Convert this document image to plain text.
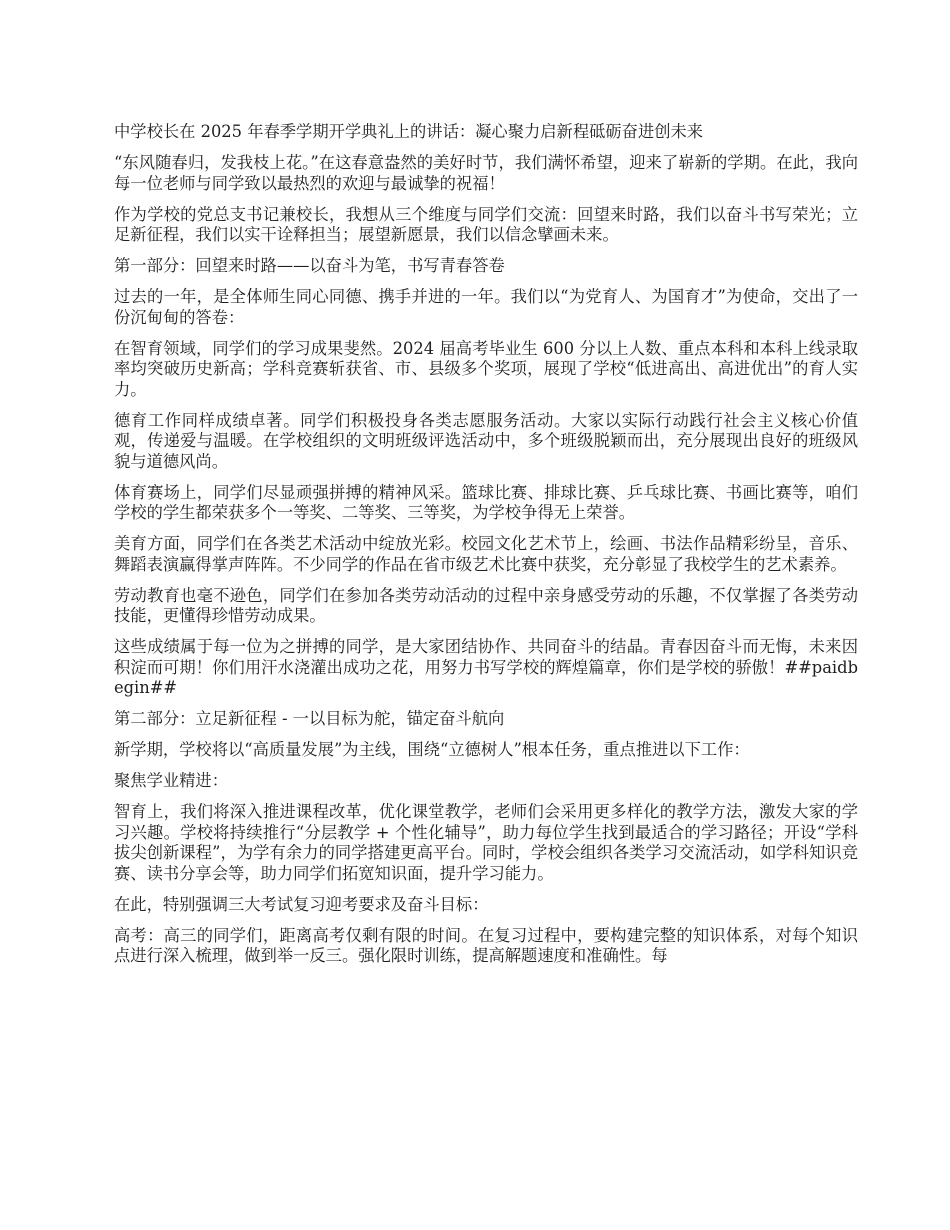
中学校长在 2025 年春季学期开学典礼上的讲话：凝心聚力启新程砥砺奋进创未来

“东风随春归，发我枝上花。”在这春意盎然的美好时节，我们满怀希望，迎来了崭新的学期。在此，我向每一位老师与同学致以最热烈的欢迎与最诚挚的祝福！

作为学校的党总支书记兼校长，我想从三个维度与同学们交流：回望来时路，我们以奋斗书写荣光；立足新征程，我们以实干诠释担当；展望新愿景，我们以信念擘画未来。

第一部分：回望来时路——以奋斗为笔，书写青春答卷

过去的一年，是全体师生同心同德、携手并进的一年。我们以“为党育人、为国育才”为使命，交出了一份沉甸甸的答卷：

在智育领域，同学们的学习成果斐然。2024 届高考毕业生 600 分以上人数、重点本科和本科上线录取率均突破历史新高；学科竞赛斩获省、市、县级多个奖项，展现了学校“低进高出、高进优出”的育人实力。

德育工作同样成绩卓著。同学们积极投身各类志愿服务活动。大家以实际行动践行社会主义核心价值观，传递爱与温暖。在学校组织的文明班级评选活动中，多个班级脱颖而出，充分展现出良好的班级风貌与道德风尚。

体育赛场上，同学们尽显顽强拼搏的精神风采。篮球比赛、排球比赛、乒乓球比赛、书画比赛等，咱们学校的学生都荣获多个一等奖、二等奖、三等奖，为学校争得无上荣誉。

美育方面，同学们在各类艺术活动中绽放光彩。校园文化艺术节上，绘画、书法作品精彩纷呈，音乐、舞蹈表演赢得掌声阵阵。不少同学的作品在省市级艺术比赛中获奖，充分彰显了我校学生的艺术素养。

劳动教育也毫不逊色，同学们在参加各类劳动活动的过程中亲身感受劳动的乐趣，不仅掌握了各类劳动技能，更懂得珍惜劳动成果。

这些成绩属于每一位为之拼搏的同学，是大家团结协作、共同奋斗的结晶。青春因奋斗而无悔，未来因积淀而可期！你们用汗水浇灌出成功之花，用努力书写学校的辉煌篇章，你们是学校的骄傲！##paidbegin##

第二部分：立足新征程 - 一以目标为舵，锚定奋斗航向

新学期，学校将以“高质量发展”为主线，围绕“立德树人”根本任务，重点推进以下工作：

聚焦学业精进：

智育上，我们将深入推进课程改革，优化课堂教学，老师们会采用更多样化的教学方法，激发大家的学习兴趣。学校将持续推行“分层教学 + 个性化辅导”，助力每位学生找到最适合的学习路径；开设“学科拔尖创新课程”，为学有余力的同学搭建更高平台。同时，学校会组织各类学习交流活动，如学科知识竞赛、读书分享会等，助力同学们拓宽知识面，提升学习能力。

在此，特别强调三大考试复习迎考要求及奋斗目标：

高考：高三的同学们，距离高考仅剩有限的时间。在复习过程中，要构建完整的知识体系，对每个知识点进行深入梳理，做到举一反三。强化限时训练，提高解题速度和准确性。每
